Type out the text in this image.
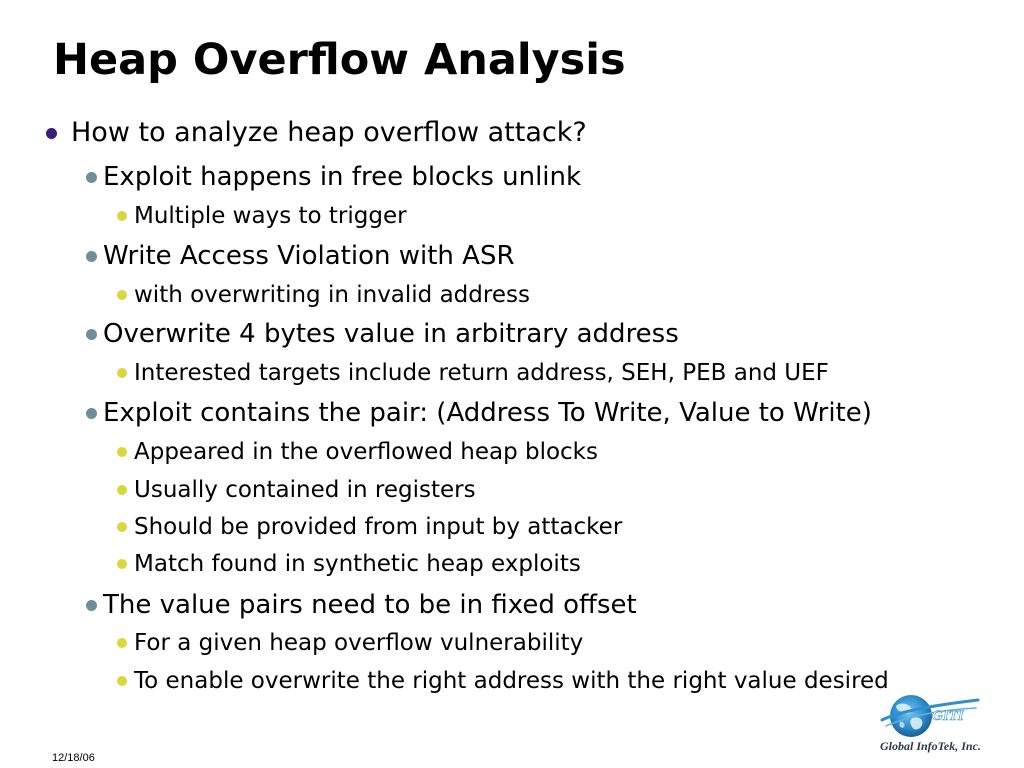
Heap Overflow Analysis
How to analyze heap overflow attack?
Exploit happens in free blocks unlink
Multiple ways to trigger
Write Access Violation with ASR
with overwriting in invalid address
Overwrite 4 bytes value in arbitrary address
Interested targets include return address, SEH, PEB and UEF
Exploit contains the pair: (Address To Write, Value to Write)
Appeared in the overflowed heap blocks
Usually contained in registers
Should be provided from input by attacker
Match found in synthetic heap exploits
The value pairs need to be in fixed offset
For a given heap overflow vulnerability
To enable overwrite the right address with the right value desired
12/18/06
GITI
Global InfoTek, Inc.
